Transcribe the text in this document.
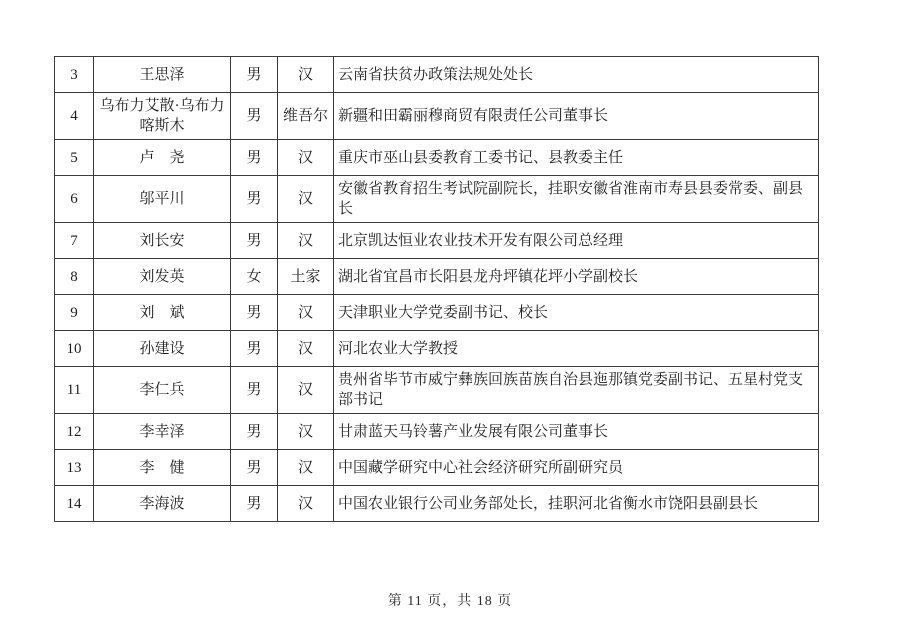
3	王思泽	男	汉	云南省扶贫办政策法规处处长
4	乌布力艾散·乌布力喀斯木	男	维吾尔	新疆和田霸丽穆商贸有限责任公司董事长
5	卢　尧	男	汉	重庆市巫山县委教育工委书记、县教委主任
6	邬平川	男	汉	安徽省教育招生考试院副院长，挂职安徽省淮南市寿县县委常委、副县长
7	刘长安	男	汉	北京凯达恒业农业技术开发有限公司总经理
8	刘发英	女	土家	湖北省宜昌市长阳县龙舟坪镇花坪小学副校长
9	刘　斌	男	汉	天津职业大学党委副书记、校长
10	孙建设	男	汉	河北农业大学教授
11	李仁兵	男	汉	贵州省毕节市威宁彝族回族苗族自治县迤那镇党委副书记、五星村党支部书记
12	李幸泽	男	汉	甘肃蓝天马铃薯产业发展有限公司董事长
13	李　健	男	汉	中国藏学研究中心社会经济研究所副研究员
14	李海波	男	汉	中国农业银行公司业务部处长，挂职河北省衡水市饶阳县副县长
第 11 页，共 18 页
